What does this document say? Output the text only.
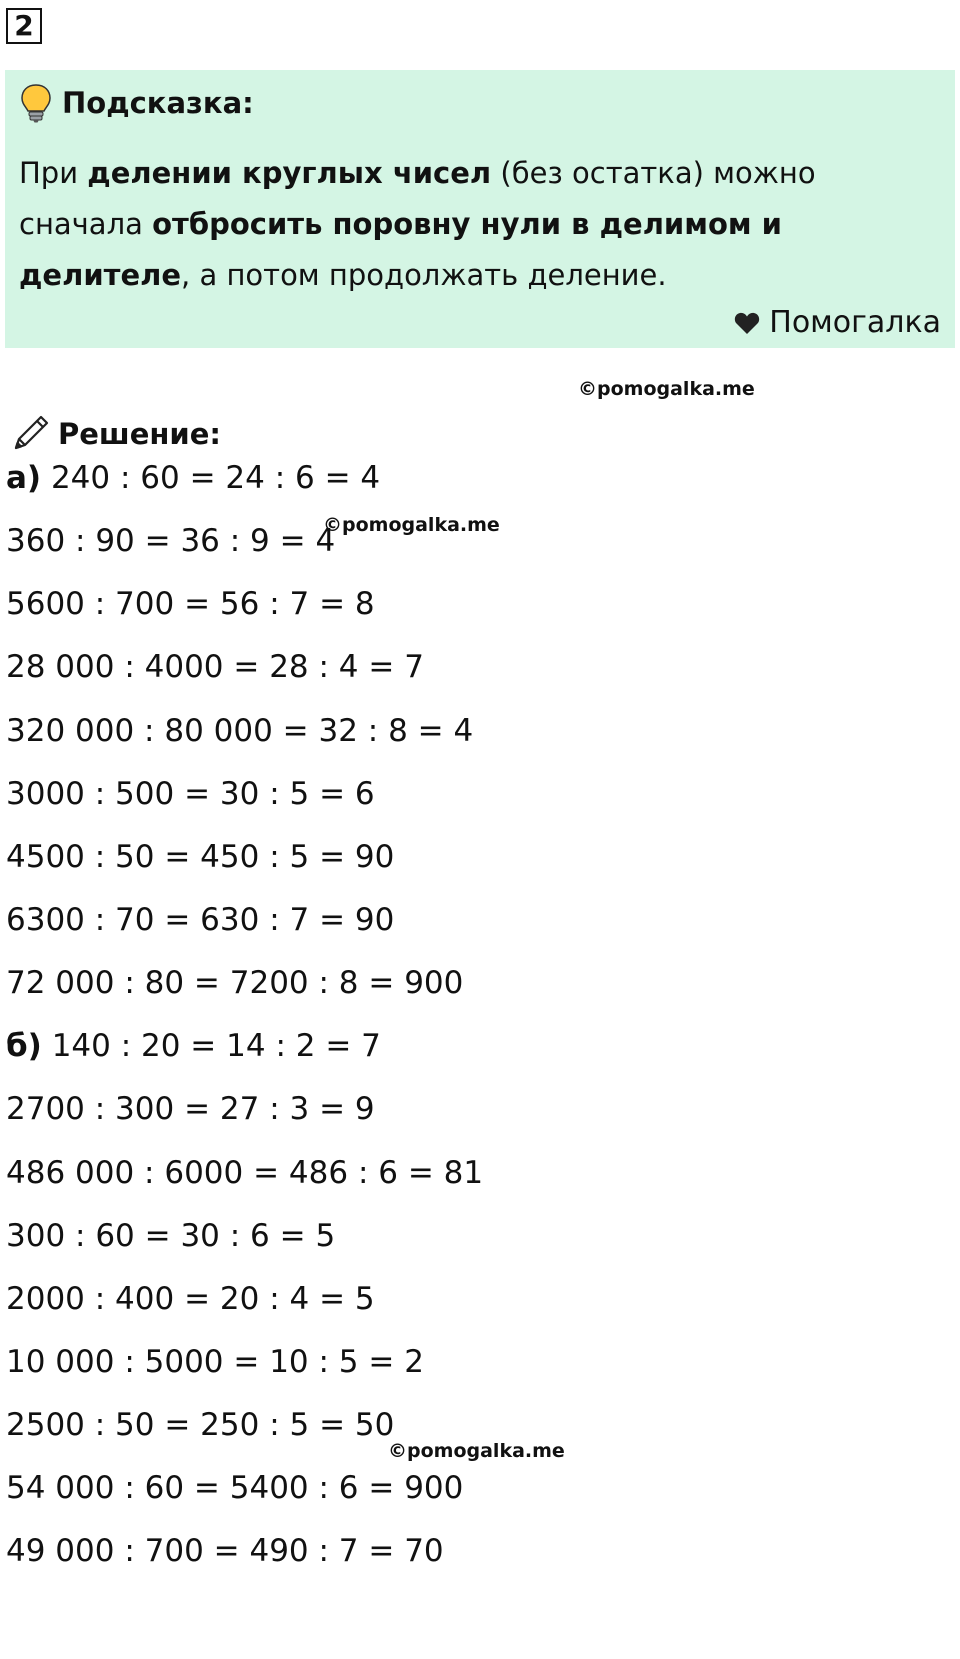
2
Подсказка:
При делении круглых чисел (без остатка) можно сначала отбросить поровну нули в делимом и делителе, а потом продолжать деление.
Помогалка
©pomogalka.me
©pomogalka.me
©pomogalka.me
Решение:
а) 240 : 60 = 24 : 6 = 4
360 : 90 = 36 : 9 = 4
5600 : 700 = 56 : 7 = 8
28 000 : 4000 = 28 : 4 = 7
320 000 : 80 000 = 32 : 8 = 4
3000 : 500 = 30 : 5 = 6
4500 : 50 = 450 : 5 = 90
6300 : 70 = 630 : 7 = 90
72 000 : 80 = 7200 : 8 = 900
б) 140 : 20 = 14 : 2 = 7
2700 : 300 = 27 : 3 = 9
486 000 : 6000 = 486 : 6 = 81
300 : 60 = 30 : 6 = 5
2000 : 400 = 20 : 4 = 5
10 000 : 5000 = 10 : 5 = 2
2500 : 50 = 250 : 5 = 50
54 000 : 60 = 5400 : 6 = 900
49 000 : 700 = 490 : 7 = 70
